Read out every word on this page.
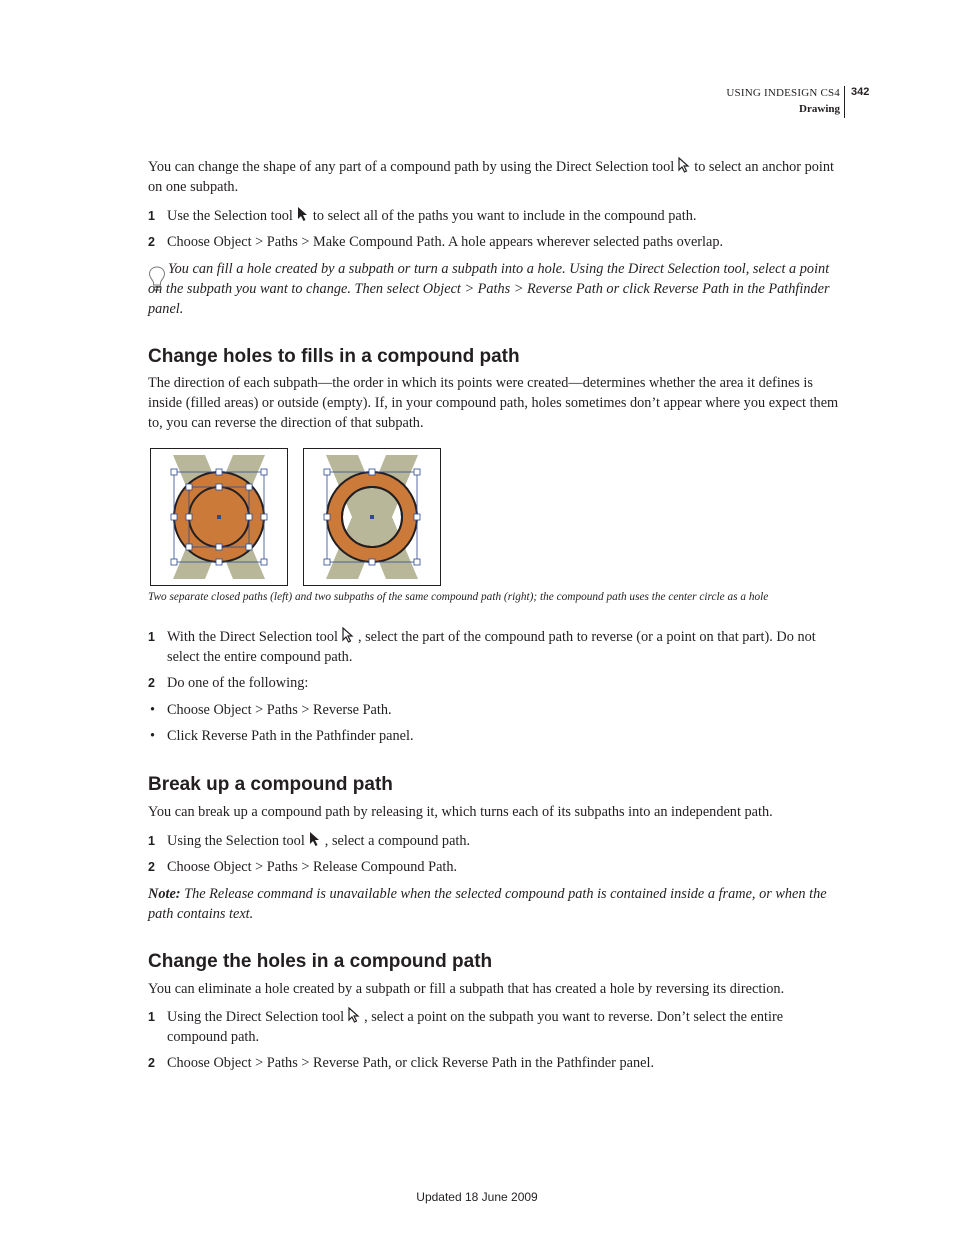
USING INDESIGN CS4
Drawing
342
You can change the shape of any part of a compound path by using the Direct Selection tool to select an anchor point on one subpath.
1 Use the Selection tool to select all of the paths you want to include in the compound path.
2 Choose Object > Paths > Make Compound Path. A hole appears wherever selected paths overlap.
You can fill a hole created by a subpath or turn a subpath into a hole. Using the Direct Selection tool, select a point on the subpath you want to change. Then select Object > Paths > Reverse Path or click Reverse Path in the Pathfinder panel.
Change holes to fills in a compound path
The direction of each subpath—the order in which its points were created—determines whether the area it defines is inside (filled areas) or outside (empty). If, in your compound path, holes sometimes don’t appear where you expect them to, you can reverse the direction of that subpath.
Two separate closed paths (left) and two subpaths of the same compound path (right); the compound path uses the center circle as a hole
1 With the Direct Selection tool , select the part of the compound path to reverse (or a point on that part). Do not select the entire compound path.
2 Do one of the following:
• Choose Object > Paths > Reverse Path.
• Click Reverse Path in the Pathfinder panel.
Break up a compound path
You can break up a compound path by releasing it, which turns each of its subpaths into an independent path.
1 Using the Selection tool , select a compound path.
2 Choose Object > Paths > Release Compound Path.
Note: The Release command is unavailable when the selected compound path is contained inside a frame, or when the path contains text.
Change the holes in a compound path
You can eliminate a hole created by a subpath or fill a subpath that has created a hole by reversing its direction.
1 Using the Direct Selection tool , select a point on the subpath you want to reverse. Don’t select the entire compound path.
2 Choose Object > Paths > Reverse Path, or click Reverse Path in the Pathfinder panel.
Updated 18 June 2009
